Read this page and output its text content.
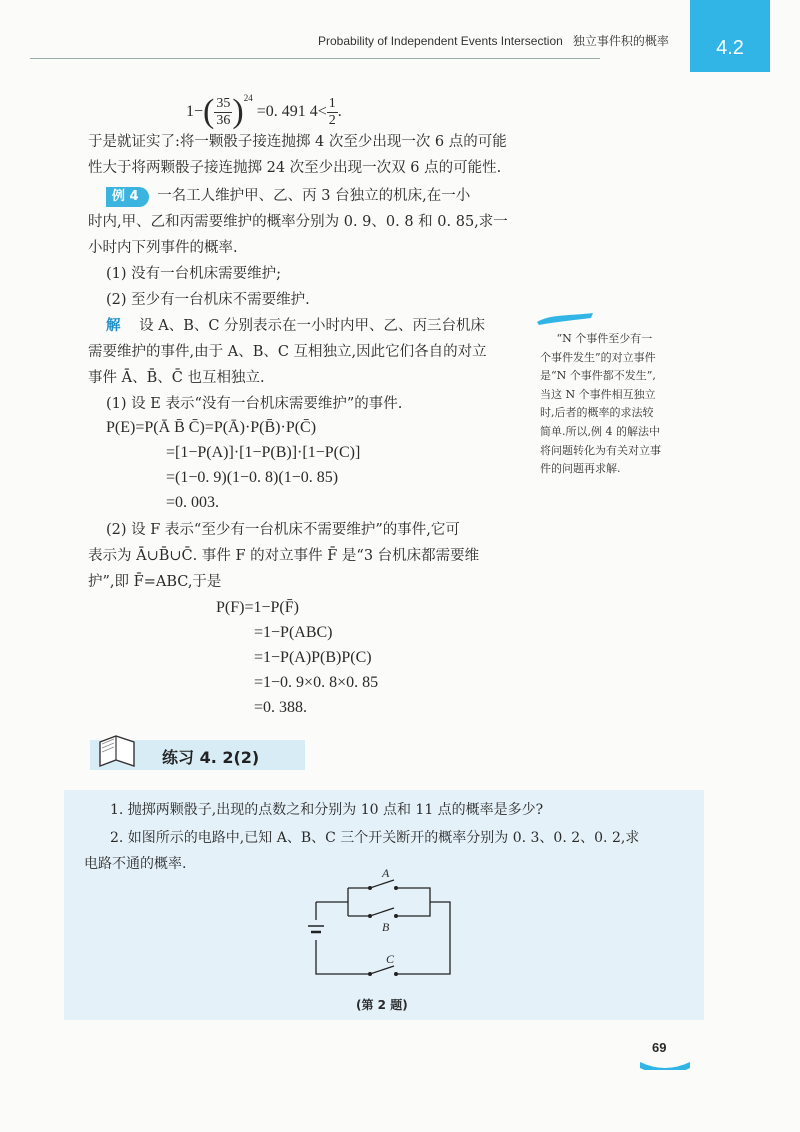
Probability of Independent Events Intersection 独立事件积的概率 4.2
1− ( 35
36 ) 24
=0. 491 4< 1
2 .
于是就证实了:将一颗骰子接连抛掷 4 次至少出现一次 6 点的可能
性大于将两颗骰子接连抛掷 24 次至少出现一次双 6 点的可能性.
例 4 一名工人维护甲、乙、丙 3 台独立的机床,在一小
时内,甲、乙和丙需要维护的概率分别为 0. 9、0. 8 和 0. 85,求一
小时内下列事件的概率.
(1) 没有一台机床需要维护;
(2) 至少有一台机床不需要维护.
解 设 A、B、C 分别表示在一小时内甲、乙、丙三台机床
需要维护的事件,由于 A、B、C 互相独立,因此它们各自的对立
事件 Ā、B̄、C̄ 也互相独立.
(1) 设 E 表示“没有一台机床需要维护”的事件.
P(E)=P(Ā B̄ C̄)=P(Ā)·P(B̄)·P(C̄)
=[1−P(A)]·[1−P(B)]·[1−P(C)]
=(1−0. 9)(1−0. 8)(1−0. 85)
=0. 003.
(2) 设 F 表示“至少有一台机床不需要维护”的事件,它可
表示为 Ā∪B̄∪C̄. 事件 F 的对立事件 F̄ 是“3 台机床都需要维
护”,即 F̄=ABC,于是
P(F)=1−P(F̄)
=1−P(ABC)
=1−P(A)P(B)P(C)
=1−0. 9×0. 8×0. 85
=0. 388.
“N 个事件至少有一
个事件发生”的对立事件
是“N 个事件都不发生”,
当这 N 个事件相互独立
时,后者的概率的求法较
简单.所以,例 4 的解法中
将问题转化为有关对立事
件的问题再求解.
练习 4. 2(2)
1. 抛掷两颗骰子,出现的点数之和分别为 10 点和 11 点的概率是多少?
2. 如图所示的电路中,已知 A、B、C 三个开关断开的概率分别为 0. 3、0. 2、0. 2,求
电路不通的概率.
A
B
C
(第 2 题)
69
